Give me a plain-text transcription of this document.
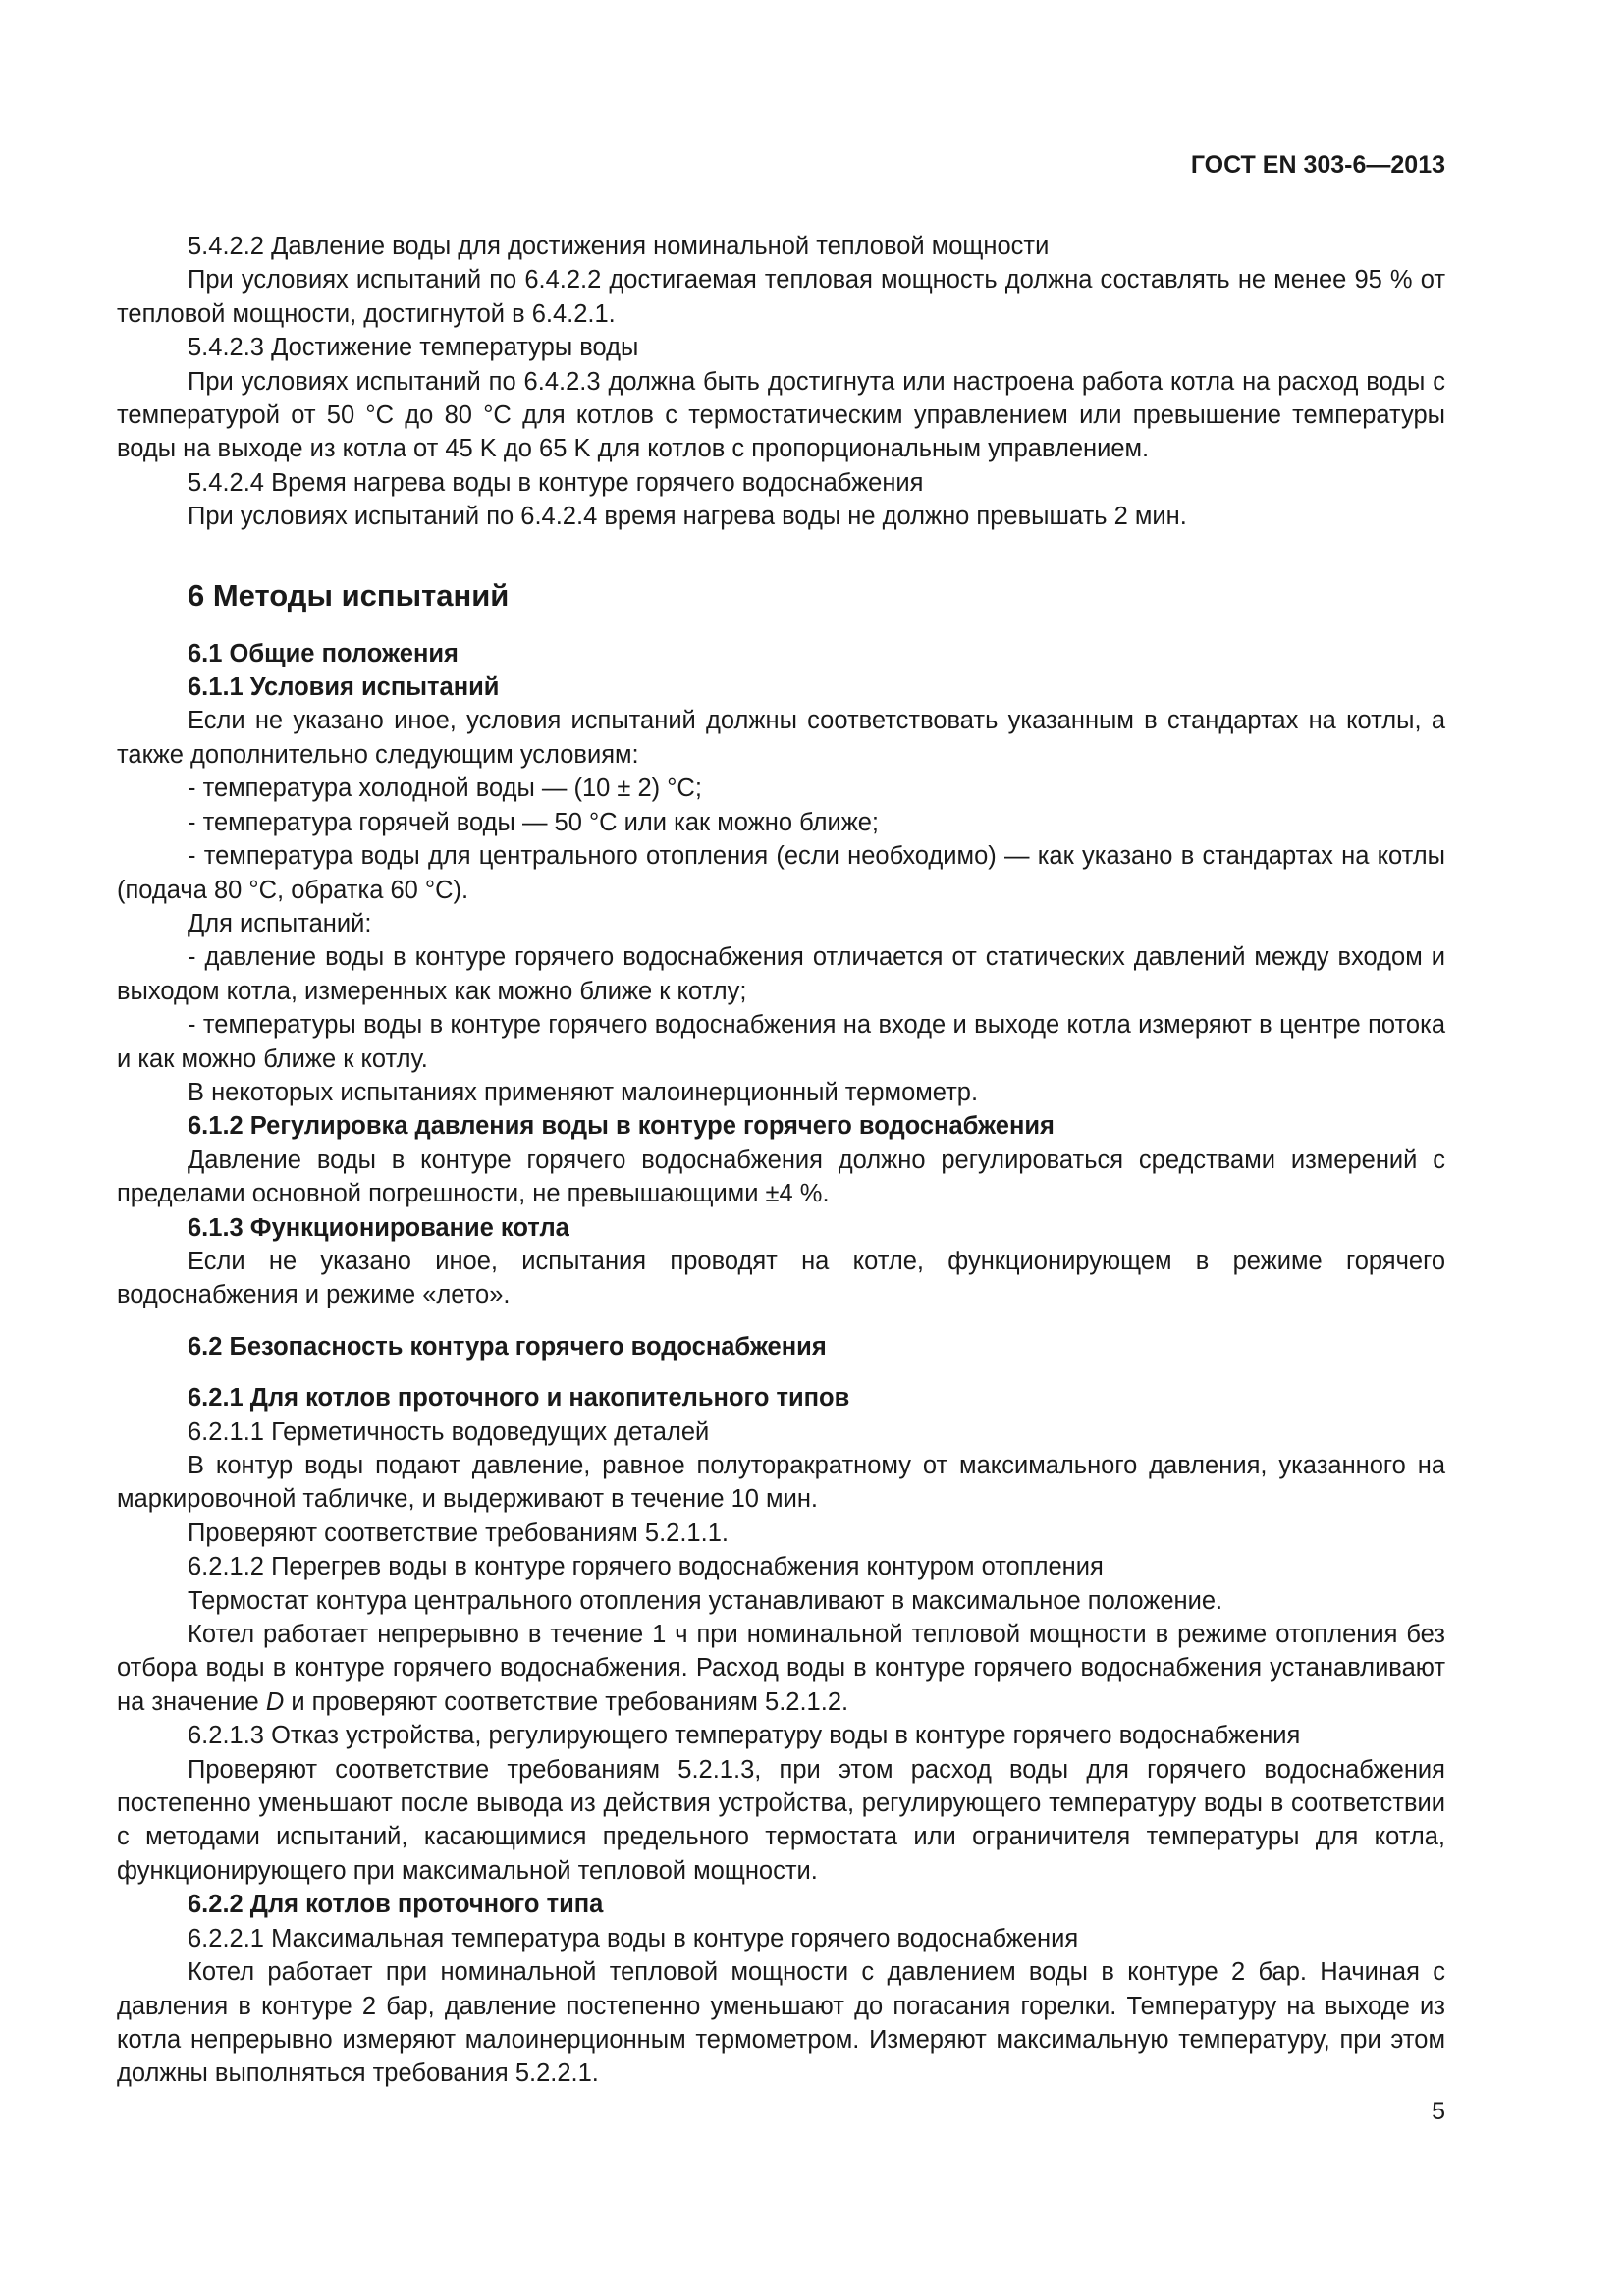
ГОСТ EN 303-6—2013

5.4.2.2 Давление воды для достижения номинальной тепловой мощности

При условиях испытаний по 6.4.2.2 достигаемая тепловая мощность должна составлять не менее 95 % от тепловой мощности, достигнутой в 6.4.2.1.

5.4.2.3 Достижение температуры воды

При условиях испытаний по 6.4.2.3 должна быть достигнута или настроена работа котла на расход воды с температурой от 50 °C до 80 °C для котлов с термостатическим управлением или превышение температуры воды на выходе из котла от 45 K до 65 K для котлов с пропорциональным управлением.

5.4.2.4 Время нагрева воды в контуре горячего водоснабжения

При условиях испытаний по 6.4.2.4 время нагрева воды не должно превышать 2 мин.

6 Методы испытаний

6.1 Общие положения

6.1.1 Условия испытаний

Если не указано иное, условия испытаний должны соответствовать указанным в стандартах на котлы, а также дополнительно следующим условиям:

- температура холодной воды — (10 ± 2) °C;

- температура горячей воды — 50 °C или как можно ближе;

- температура воды для центрального отопления (если необходимо) — как указано в стандартах на котлы (подача 80 °C, обратка 60 °C).

Для испытаний:

- давление воды в контуре горячего водоснабжения отличается от статических давлений между входом и выходом котла, измеренных как можно ближе к котлу;

- температуры воды в контуре горячего водоснабжения на входе и выходе котла измеряют в центре потока и как можно ближе к котлу.

В некоторых испытаниях применяют малоинерционный термометр.

6.1.2 Регулировка давления воды в контуре горячего водоснабжения

Давление воды в контуре горячего водоснабжения должно регулироваться средствами измерений с пределами основной погрешности, не превышающими ±4 %.

6.1.3 Функционирование котла

Если не указано иное, испытания проводят на котле, функционирующем в режиме горячего водоснабжения и режиме «лето».

6.2 Безопасность контура горячего водоснабжения

6.2.1 Для котлов проточного и накопительного типов

6.2.1.1 Герметичность водоведущих деталей

В контур воды подают давление, равное полуторакратному от максимального давления, указанного на маркировочной табличке, и выдерживают в течение 10 мин.

Проверяют соответствие требованиям 5.2.1.1.

6.2.1.2 Перегрев воды в контуре горячего водоснабжения контуром отопления

Термостат контура центрального отопления устанавливают в максимальное положение.

Котел работает непрерывно в течение 1 ч при номинальной тепловой мощности в режиме отопления без отбора воды в контуре горячего водоснабжения. Расход воды в контуре горячего водоснабжения устанавливают на значение D и проверяют соответствие требованиям 5.2.1.2.

6.2.1.3 Отказ устройства, регулирующего температуру воды в контуре горячего водоснабжения

Проверяют соответствие требованиям 5.2.1.3, при этом расход воды для горячего водоснабжения постепенно уменьшают после вывода из действия устройства, регулирующего температуру воды в соответствии с методами испытаний, касающимися предельного термостата или ограничителя температуры для котла, функционирующего при максимальной тепловой мощности.

6.2.2 Для котлов проточного типа

6.2.2.1 Максимальная температура воды в контуре горячего водоснабжения

Котел работает при номинальной тепловой мощности с давлением воды в контуре 2 бар. Начиная с давления в контуре 2 бар, давление постепенно уменьшают до погасания горелки. Температуру на выходе из котла непрерывно измеряют малоинерционным термометром. Измеряют максимальную температуру, при этом должны выполняться требования 5.2.2.1.

5
